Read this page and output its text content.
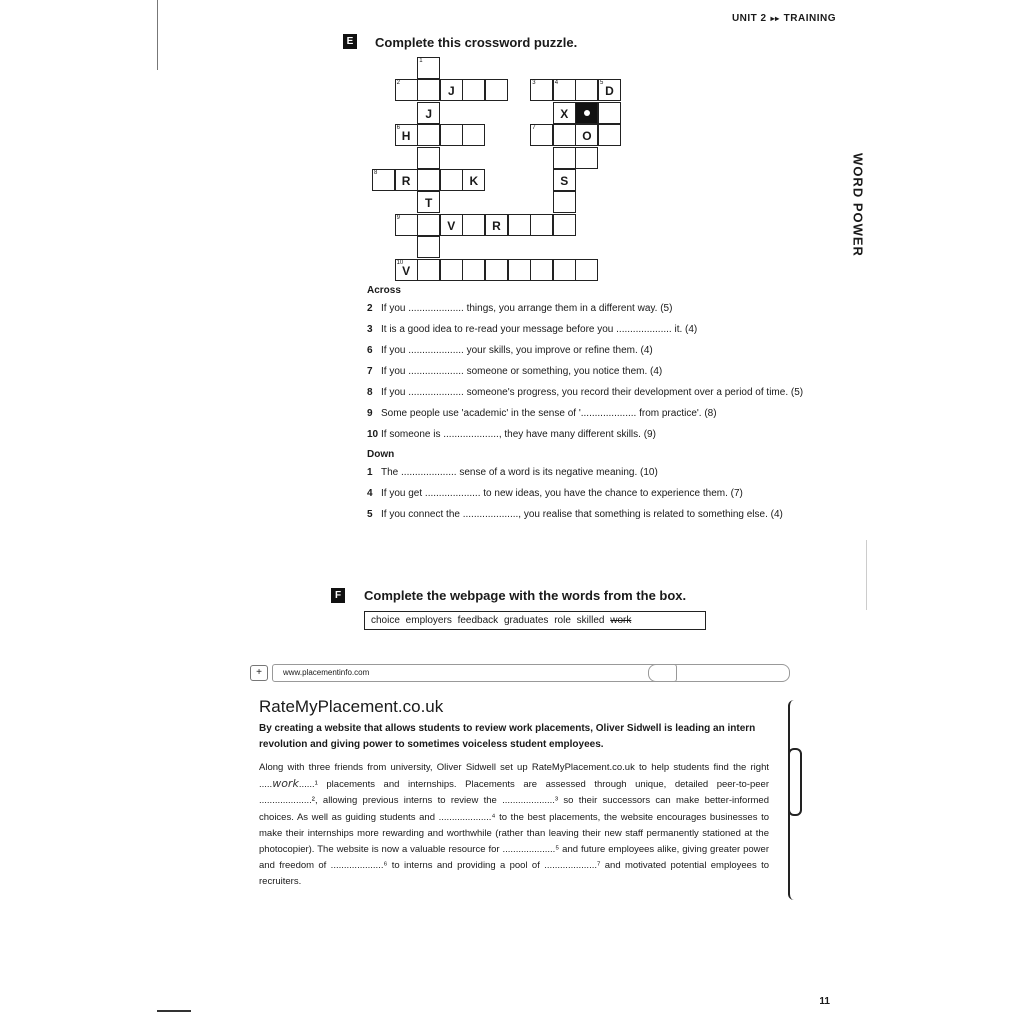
UNIT 2 ▸▸ TRAINING
WORD POWER
E Complete this crossword puzzle.
1
2
J
3	4	5
D
J	X
6
H
7
O
8
R	K	S
T
9
V	R
10
V
Across
2 If you .................... things, you arrange them in a different way. (5)
3 It is a good idea to re-read your message before you .................... it. (4)
6 If you .................... your skills, you improve or refine them. (4)
7 If you .................... someone or something, you notice them. (4)
8 If you .................... someone's progress, you record their development over a period of time. (5)
9 Some people use 'academic' in the sense of '.................... from practice'. (8)
10 If someone is ...................., they have many different skills. (9)
Down
1 The .................... sense of a word is its negative meaning. (10)
4 If you get .................... to new ideas, you have the chance to experience them. (7)
5 If you connect the ...................., you realise that something is related to something else. (4)
F	Complete the webpage with the words from the box.
choice employers feedback graduates role skilled work
+	www.placementinfo.com
RateMyPlacement.co.uk
By creating a website that allows students to review work placements, Oliver Sidwell is leading an intern revolution and giving power to sometimes voiceless student employees.
Along with three friends from university, Oliver Sidwell set up RateMyPlacement.co.uk to help students find the right .....work......¹ placements and internships. Placements are assessed through unique, detailed peer-to-peer ....................², allowing previous interns to review the ....................³ so their successors can make better-informed choices. As well as guiding students and ....................⁴ to the best placements, the website encourages businesses to make their internships more rewarding and worthwhile (rather than leaving their new staff permanently stationed at the photocopier). The website is now a valuable resource for ....................⁵ and future employees alike, giving greater power and freedom of ....................⁶ to interns and providing a pool of ....................⁷ and motivated potential employees to recruiters.
11
